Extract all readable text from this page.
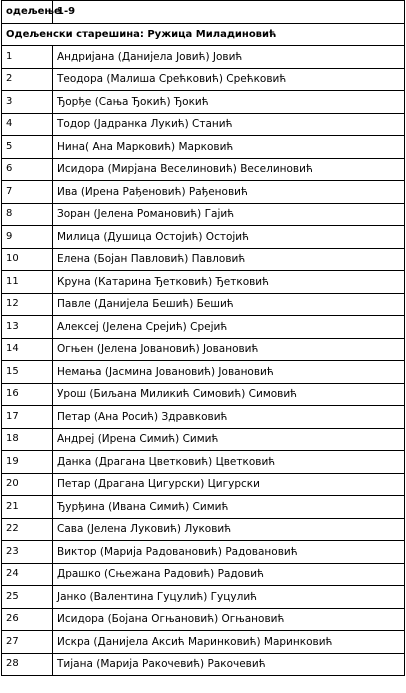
одељење	1-9
Одељенски старешина: Ружица Миладиновић	
1	Андријана (Данијела Јовић) Јовић
2	Теодора (Малиша Срећковић) Срећковић
3	Ђорђе (Сања Ђокић) Ђокић
4	Тодор (Јадранка Лукић) Станић
5	Нина( Ана Марковић) Марковић
6	Исидора (Мирјана Веселиновић) Веселиновић
7	Ива (Ирена Рађеновић) Рађеновић
8	Зоран (Јелена Романовић) Гајић
9	Милица (Душица Остојић) Остојић
10	Елена (Бојан Павловић) Павловић
11	Круна (Катарина Ђетковић) Ђетковић
12	Павле (Данијела Бешић) Бешић
13	Алексеј (Јелена Срејић) Срејић
14	Огњен (Јелена Јовановић) Јовановић
15	Немања (Јасмина Јовановић) Јовановић
16	Урош (Биљана Миликић Симовић) Симовић
17	Петар (Ана Росић) Здравковић
18	Андреј (Ирена Симић) Симић
19	Данка (Драгана Цветковић) Цветковић
20	Петар (Драгана Цигурски) Цигурски
21	Ђурђина (Ивана Симић) Симић
22	Сава (Јелена Луковић) Луковић
23	Виктор (Марија Радовановић) Радовановић
24	Драшко (Сњежана Радовић) Радовић
25	Јанко (Валентина Гуцулић) Гуцулић
26	Исидора (Бојана Огњановић) Огњановић
27	Искра (Данијела Аксић Маринковић) Маринковић
28	Тијана (Марија Ракочевић) Ракочевић
